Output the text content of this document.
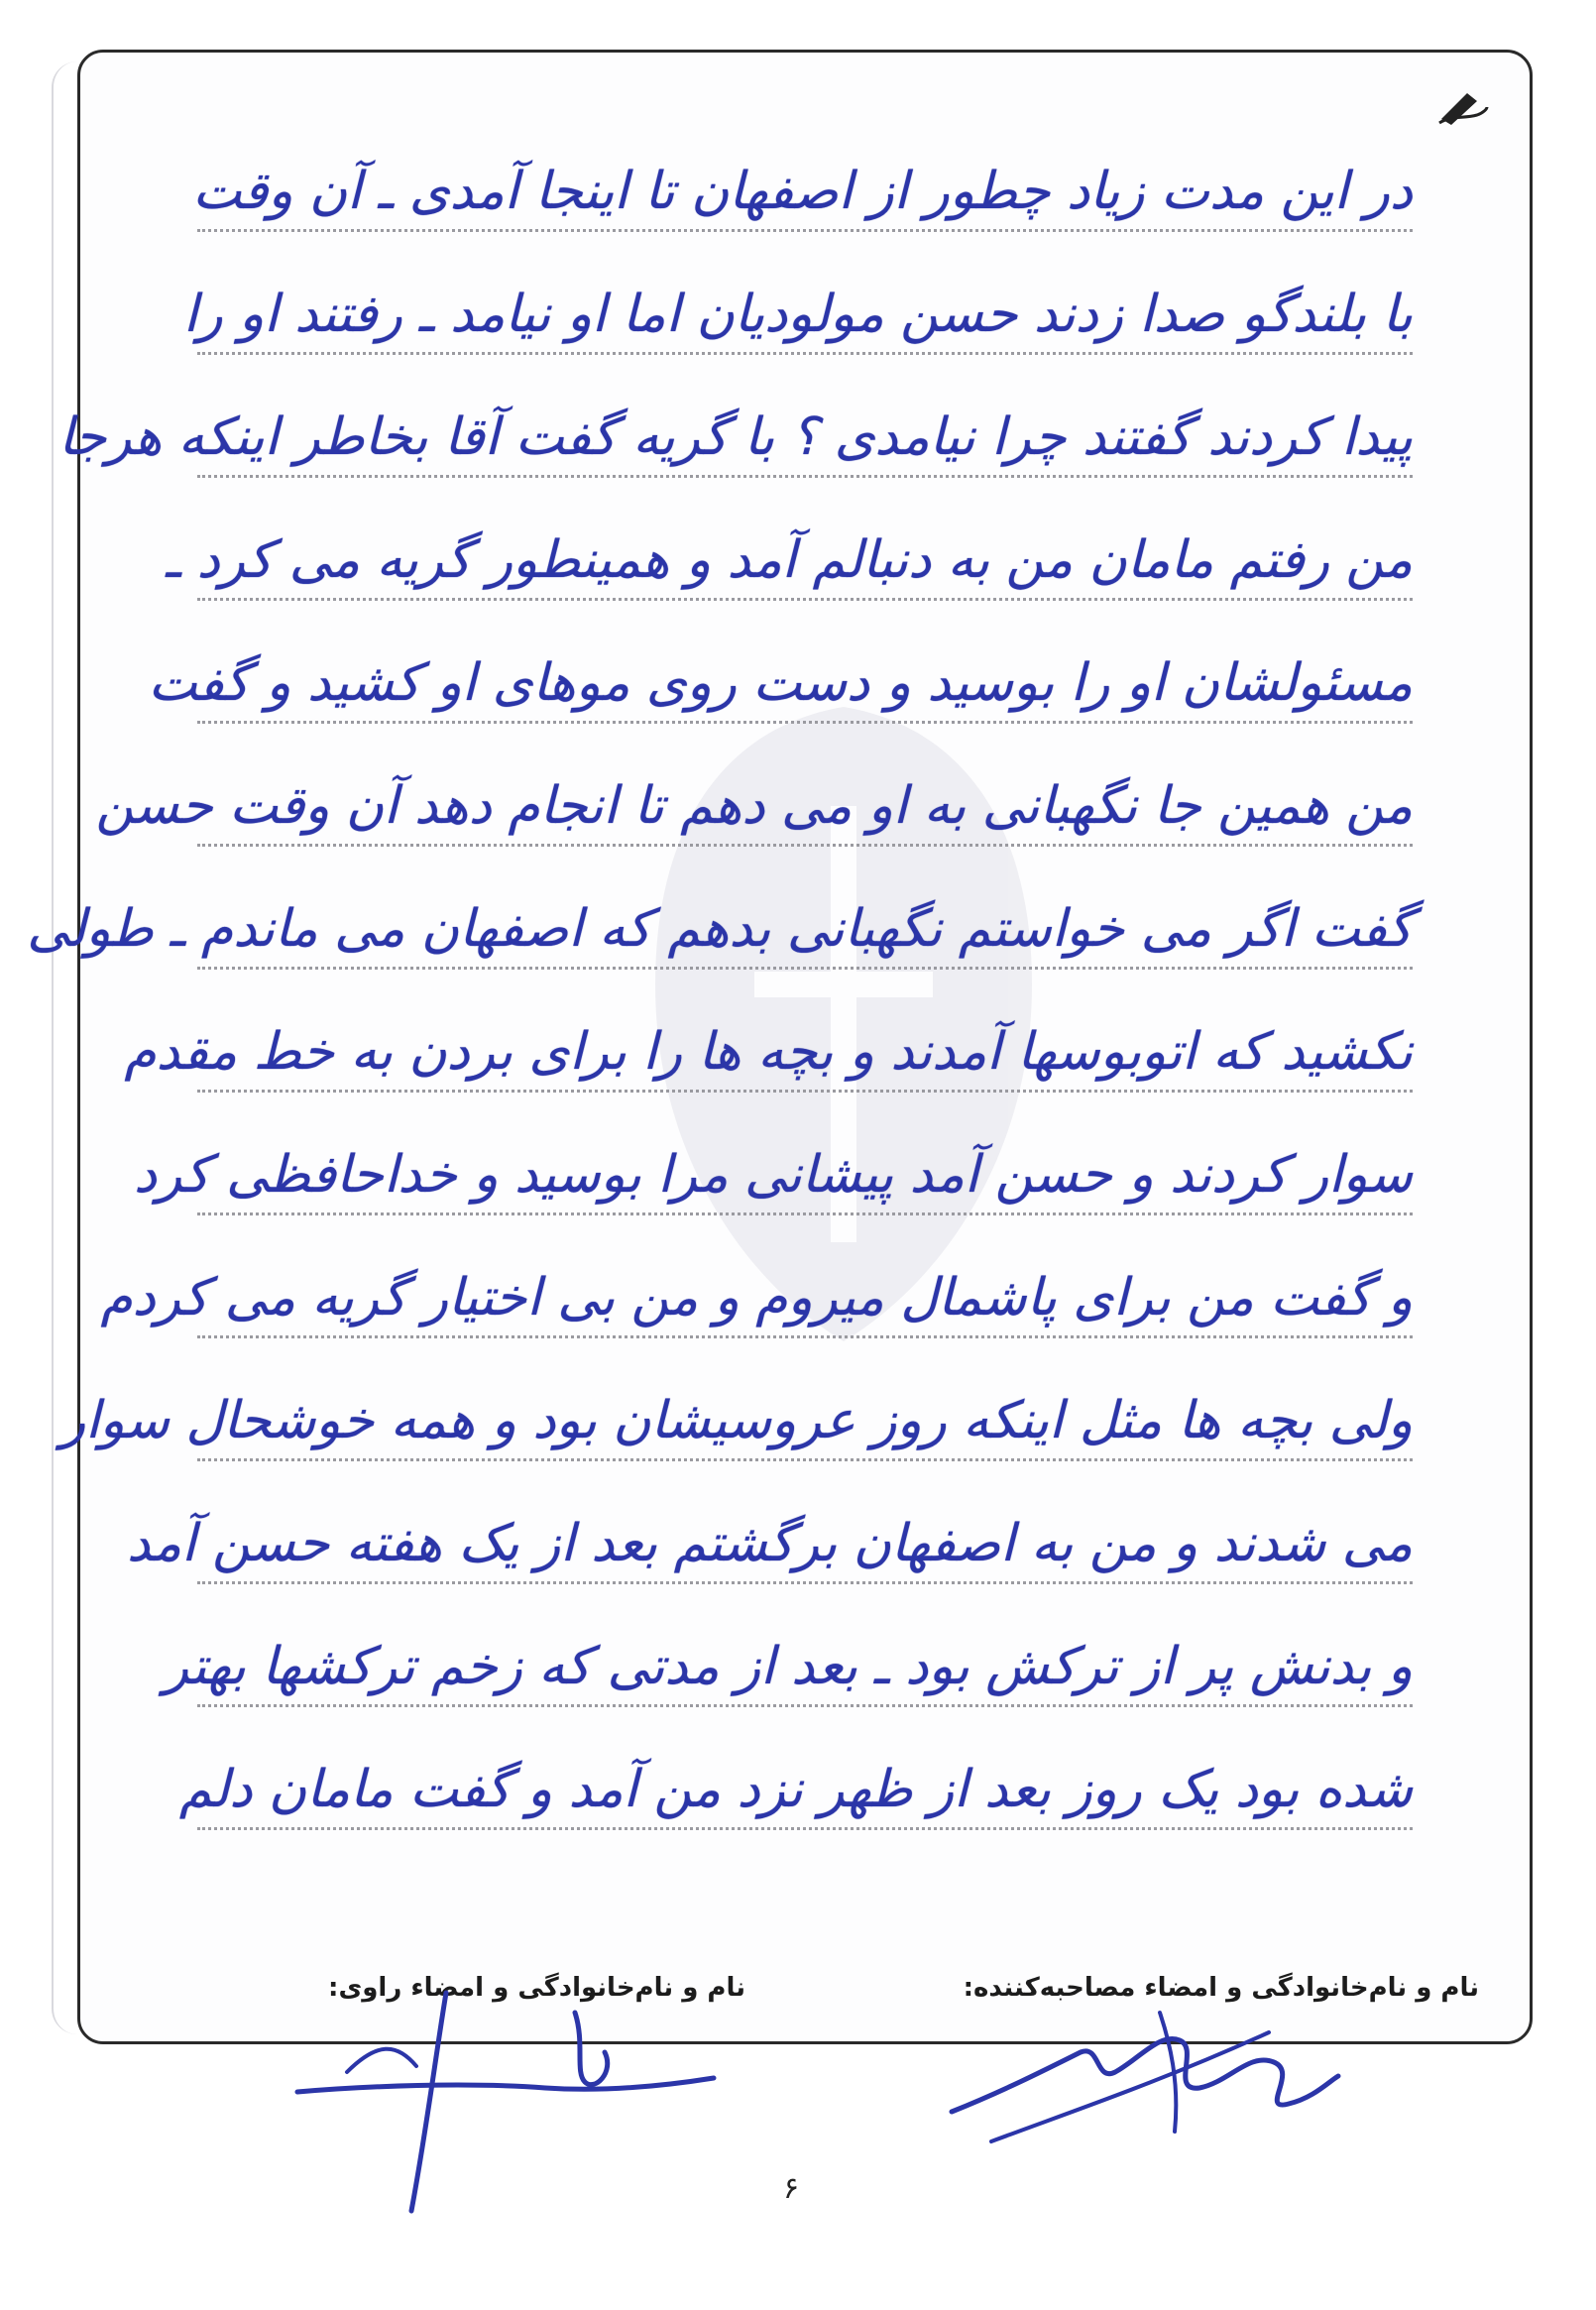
در این مدت زیاد چطور از اصفهان تا اینجا آمدی ـ آن وقت
با بلندگو صدا زدند حسن مولودیان اما او نیامد ـ رفتند او را
پیدا کردند گفتند چرا نیامدی ؟ با گریه گفت آقا بخاطر اینکه هرجا
من رفتم مامان من به دنبالم آمد و همینطور گریه می کرد ـ
مسئولشان او را بوسید و دست روی موهای او کشید و گفت
من همین جا نگهبانی به او می دهم تا انجام دهد آن وقت حسن
گفت اگر می خواستم نگهبانی بدهم که اصفهان می ماندم ـ طولی
نکشید که اتوبوسها آمدند و بچه ها را برای بردن به خط مقدم
سوار کردند و حسن آمد پیشانی مرا بوسید و خداحافظی کرد
و گفت من برای پاشمال میروم و من بی اختیار گریه می کردم
ولی بچه ها مثل اینکه روز عروسیشان بود و همه خوشحال سوار
می شدند و من به اصفهان برگشتم بعد از یک هفته حسن آمد
و بدنش پر از ترکش بود ـ بعد از مدتی که زخم ترکشها بهتر
شده بود یک روز بعد از ظهر نزد من آمد و گفت مامان دلم
نام و نام‌خانوادگی و امضاء مصاحبه‌کننده:
نام و نام‌خانوادگی و امضاء راوی:
۶
